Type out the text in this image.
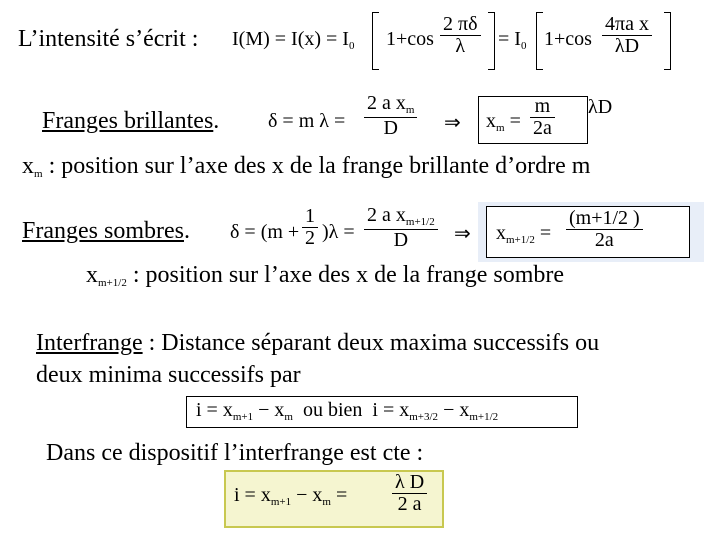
L’intensité s’écrit : $I(M) = I(x) = I_0$ $1+\cos \frac{2 \pi\delta}{\lambda} = I_0$ $1+\cos \frac{\text{4πa x}}{\lambda D}$
Franges brillantes. δ = m $\lambda = \frac{2 a x_m}{D}$ ⇒ $x_m = \frac{m}{2a}$ λD
$x_m$ : position sur l’axe des x de la frange brillante d’ordre m
Franges sombres. $\delta = (m + \frac{1}{2} )\lambda = \frac{2 a x_{m+1/2}}{D}$ ⇒ $x_{m+1/2} = \frac{(m+1/2 )}{2a}$
$x_{m+1/2}$ : position sur l’axe des x de la frange sombre
Interfrange : Distance séparant deux maxima successifs ou
deux minima successifs par
$i = x_{m+1} - x_m$ ou bien $i = x_{m+3/2} - x_{m+1/2}$
Dans ce dispositif l’interfrange est cte :
$i = x_{m+1} - x_m = \frac{\text{λ D}}{2 a}$
